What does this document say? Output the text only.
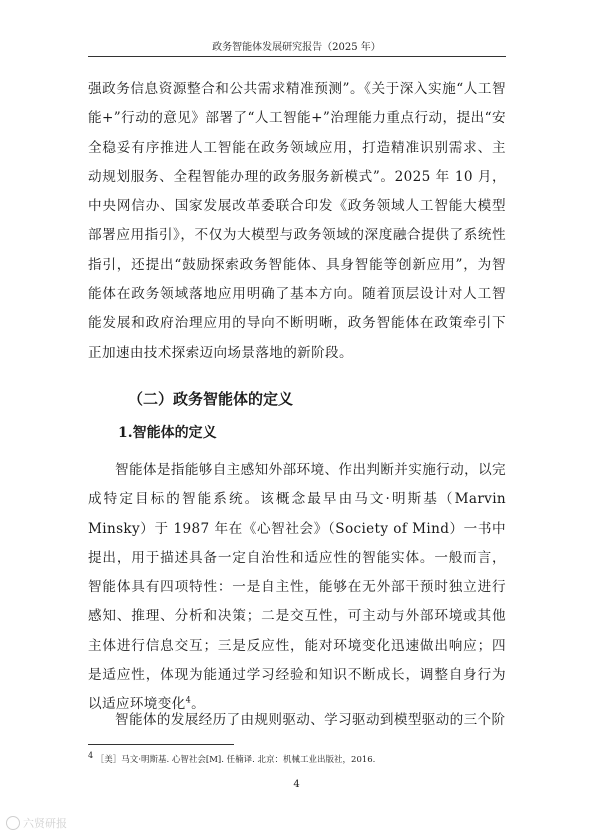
政务智能体发展研究报告（2025 年）

强政务信息资源整合和公共需求精准预测”。《关于深入实施“人工智能+”行动的意见》部署了“人工智能+”治理能力重点行动，提出“安全稳妥有序推进人工智能在政务领域应用，打造精准识别需求、主动规划服务、全程智能办理的政务服务新模式”。2025 年 10 月，中央网信办、国家发展改革委联合印发《政务领域人工智能大模型部署应用指引》，不仅为大模型与政务领域的深度融合提供了系统性指引，还提出“鼓励探索政务智能体、具身智能等创新应用”，为智能体在政务领域落地应用明确了基本方向。随着顶层设计对人工智能发展和政府治理应用的导向不断明晰，政务智能体在政策牵引下正加速由技术探索迈向场景落地的新阶段。

（二）政务智能体的定义
1.智能体的定义

智能体是指能够自主感知外部环境、作出判断并实施行动，以完成特定目标的智能系统。该概念最早由马文·明斯基（Marvin Minsky）于 1987 年在《心智社会》（Society of Mind）一书中提出，用于描述具备一定自治性和适应性的智能实体。一般而言，智能体具有四项特性：一是自主性，能够在无外部干预时独立进行感知、推理、分析和决策；二是交互性，可主动与外部环境或其他主体进行信息交互；三是反应性，能对环境变化迅速做出响应；四是适应性，体现为能通过学习经验和知识不断成长，调整自身行为以适应环境变化$^4$。

智能体的发展经历了由规则驱动、学习驱动到模型驱动的三个阶

$^4$ ［美］马文·明斯基. 心智社会[M]. 任楠译. 北京：机械工业出版社，2016.
4
六贤研报
